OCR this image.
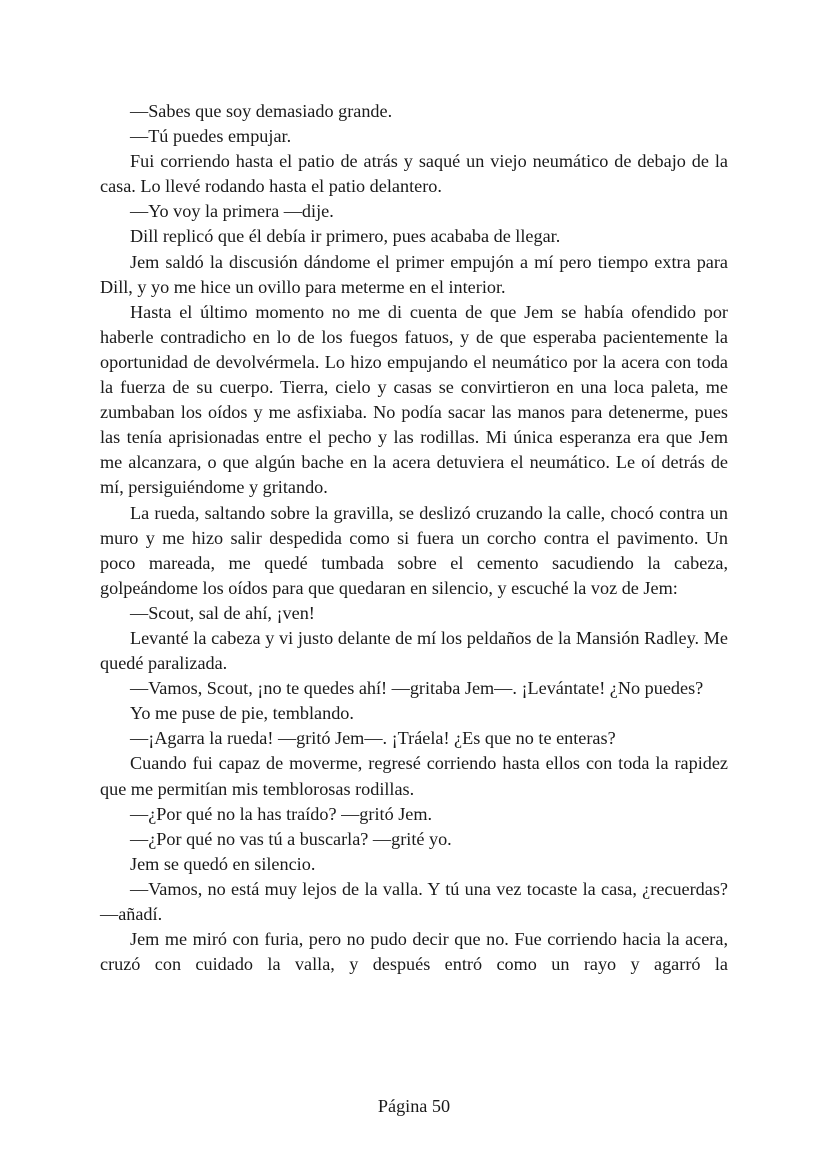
—Sabes que soy demasiado grande.

—Tú puedes empujar.

Fui corriendo hasta el patio de atrás y saqué un viejo neumático de debajo de la casa. Lo llevé rodando hasta el patio delantero.

—Yo voy la primera —dije.

Dill replicó que él debía ir primero, pues acababa de llegar.

Jem saldó la discusión dándome el primer empujón a mí pero tiempo extra para Dill, y yo me hice un ovillo para meterme en el interior.

Hasta el último momento no me di cuenta de que Jem se había ofendido por haberle contradicho en lo de los fuegos fatuos, y de que esperaba pacientemente la oportunidad de devolvérmela. Lo hizo empujando el neumático por la acera con toda la fuerza de su cuerpo. Tierra, cielo y casas se convirtieron en una loca paleta, me zumbaban los oídos y me asfixiaba. No podía sacar las manos para detenerme, pues las tenía aprisionadas entre el pecho y las rodillas. Mi única esperanza era que Jem me alcanzara, o que algún bache en la acera detuviera el neumático. Le oí detrás de mí, persiguiéndome y gritando.

La rueda, saltando sobre la gravilla, se deslizó cruzando la calle, chocó contra un muro y me hizo salir despedida como si fuera un corcho contra el pavimento. Un poco mareada, me quedé tumbada sobre el cemento sacudiendo la cabeza, golpeándome los oídos para que quedaran en silencio, y escuché la voz de Jem:

—Scout, sal de ahí, ¡ven!

Levanté la cabeza y vi justo delante de mí los peldaños de la Mansión Radley. Me quedé paralizada.

—Vamos, Scout, ¡no te quedes ahí! —gritaba Jem—. ¡Levántate! ¿No puedes?

Yo me puse de pie, temblando.

—¡Agarra la rueda! —gritó Jem—. ¡Tráela! ¿Es que no te enteras?

Cuando fui capaz de moverme, regresé corriendo hasta ellos con toda la rapidez que me permitían mis temblorosas rodillas.

—¿Por qué no la has traído? —gritó Jem.

—¿Por qué no vas tú a buscarla? —grité yo.

Jem se quedó en silencio.

—Vamos, no está muy lejos de la valla. Y tú una vez tocaste la casa, ¿recuerdas? —añadí.

Jem me miró con furia, pero no pudo decir que no. Fue corriendo hacia la acera, cruzó con cuidado la valla, y después entró como un rayo y agarró la

Página 50
